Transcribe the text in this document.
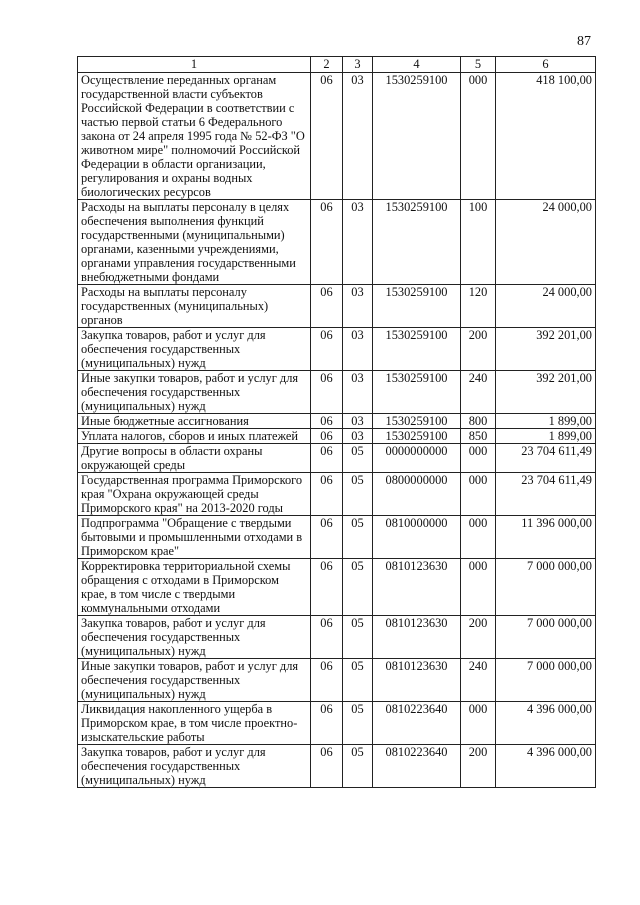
87
1	2	3	4	5	6
Осуществление переданных органам государственной власти субъектов Российской Федерации в соответствии с частью первой статьи 6 Федерального закона от 24 апреля 1995 года № 52-ФЗ "О животном мире" полномочий Российской Федерации в области организации, регулирования и охраны водных биологических ресурсов	06	03	1530259100	000	418 100,00
Расходы на выплаты персоналу в целях обеспечения выполнения функций государственными (муниципальными) органами, казенными учреждениями, органами управления государственными внебюджетными фондами	06	03	1530259100	100	24 000,00
Расходы на выплаты персоналу государственных (муниципальных) органов	06	03	1530259100	120	24 000,00
Закупка товаров, работ и услуг для обеспечения государственных (муниципальных) нужд	06	03	1530259100	200	392 201,00
Иные закупки товаров, работ и услуг для обеспечения государственных (муниципальных) нужд	06	03	1530259100	240	392 201,00
Иные бюджетные ассигнования	06	03	1530259100	800	1 899,00
Уплата налогов, сборов и иных платежей	06	03	1530259100	850	1 899,00
Другие вопросы в области охраны окружающей среды	06	05	0000000000	000	23 704 611,49
Государственная программа Приморского края "Охрана окружающей среды Приморского края" на 2013-2020 годы	06	05	0800000000	000	23 704 611,49
Подпрограмма "Обращение с твердыми бытовыми и промышленными отходами в Приморском крае"	06	05	0810000000	000	11 396 000,00
Корректировка территориальной схемы обращения с отходами в Приморском крае, в том числе с твердыми коммунальными отходами	06	05	0810123630	000	7 000 000,00
Закупка товаров, работ и услуг для обеспечения государственных (муниципальных) нужд	06	05	0810123630	200	7 000 000,00
Иные закупки товаров, работ и услуг для обеспечения государственных (муниципальных) нужд	06	05	0810123630	240	7 000 000,00
Ликвидация накопленного ущерба в Приморском крае, в том числе проектно-изыскательские работы	06	05	0810223640	000	4 396 000,00
Закупка товаров, работ и услуг для обеспечения государственных (муниципальных) нужд	06	05	0810223640	200	4 396 000,00
